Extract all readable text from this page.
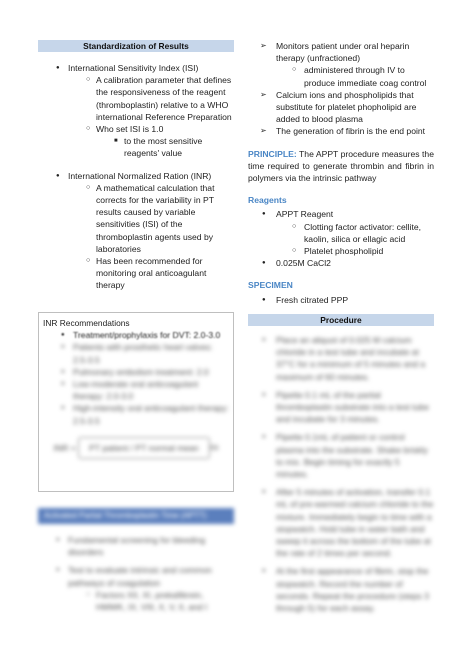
Standardization of Results
● International Sensitivity Index (ISI)
○ A calibration parameter that defines the responsiveness of the reagent (thromboplastin) relative to a WHO international Reference Preparation
○ Who set ISI is 1.0
■ to the most sensitive reagents' value
● International Normalized Ration (INR)
○ A mathematical calculation that corrects for the variability in PT results caused by variable sensitivities (ISI) of the thromboplastin agents used by laboratories
○ Has been recommended for monitoring oral anticoagulant therapy
INR Recommendations
● Treatment/prophylaxis for DVT: 2.0-3.0
● Patients with prosthetic heart valves: 2.5-3.5
● Pulmonary embolism treatment: 2.0
● Low-moderate oral anticoagulant therapy: 2.0-3.0
● High-intensity oral anticoagulant therapy: 2.5-3.5
INR =
	PT patient / PT normal mean	ISI
Activated Partial Thromboplastin Time (APTT)
● Fundamental screening for bleeding disorders
● Test to evaluate intrinsic and common pathways of coagulation
○ Factors XII, XI, prekallikrein, HMWK, IX, VIII, X, V, II, and I
➢ Monitors patient under oral heparin therapy (unfractioned)
○ administered through IV to produce immediate coag control
➢ Calcium ions and phospholipids that substitute for platelet phopholipid are added to blood plasma
➢ The generation of fibrin is the end point
PRINCIPLE: The APPT procedure measures the time required to generate thrombin and fibrin in polymers via the intrinsic pathway
Reagents
● APPT Reagent
○ Clotting factor activator: cellite, kaolin, silica or ellagic acid
○ Platelet phospholipid
● 0.025M CaCl2
SPECIMEN
● Fresh citrated PPP
Procedure
● Place an aliquot of 0.025 M calcium chloride in a test tube and incubate at 37°C for a minimum of 5 minutes and a maximum of 60 minutes.
● Pipette 0.1 mL of the partial thromboplastin substrate into a test tube and incubate for 3 minutes.
● Pipette 0.1mL of patient or control plasma into the substrate. Shake briskly to mix. Begin timing for exactly 5 minutes.
● After 5 minutes of activation, transfer 0.1 mL of pre-warmed calcium chloride to the mixture. Immediately begin to time with a stopwatch. Hold tube in water bath and sweep it across the bottom of the tube at the rate of 2 times per second.
● At the first appearance of fibrin, stop the stopwatch. Record the number of seconds. Repeat the procedure (steps 3 through 5) for each assay.
